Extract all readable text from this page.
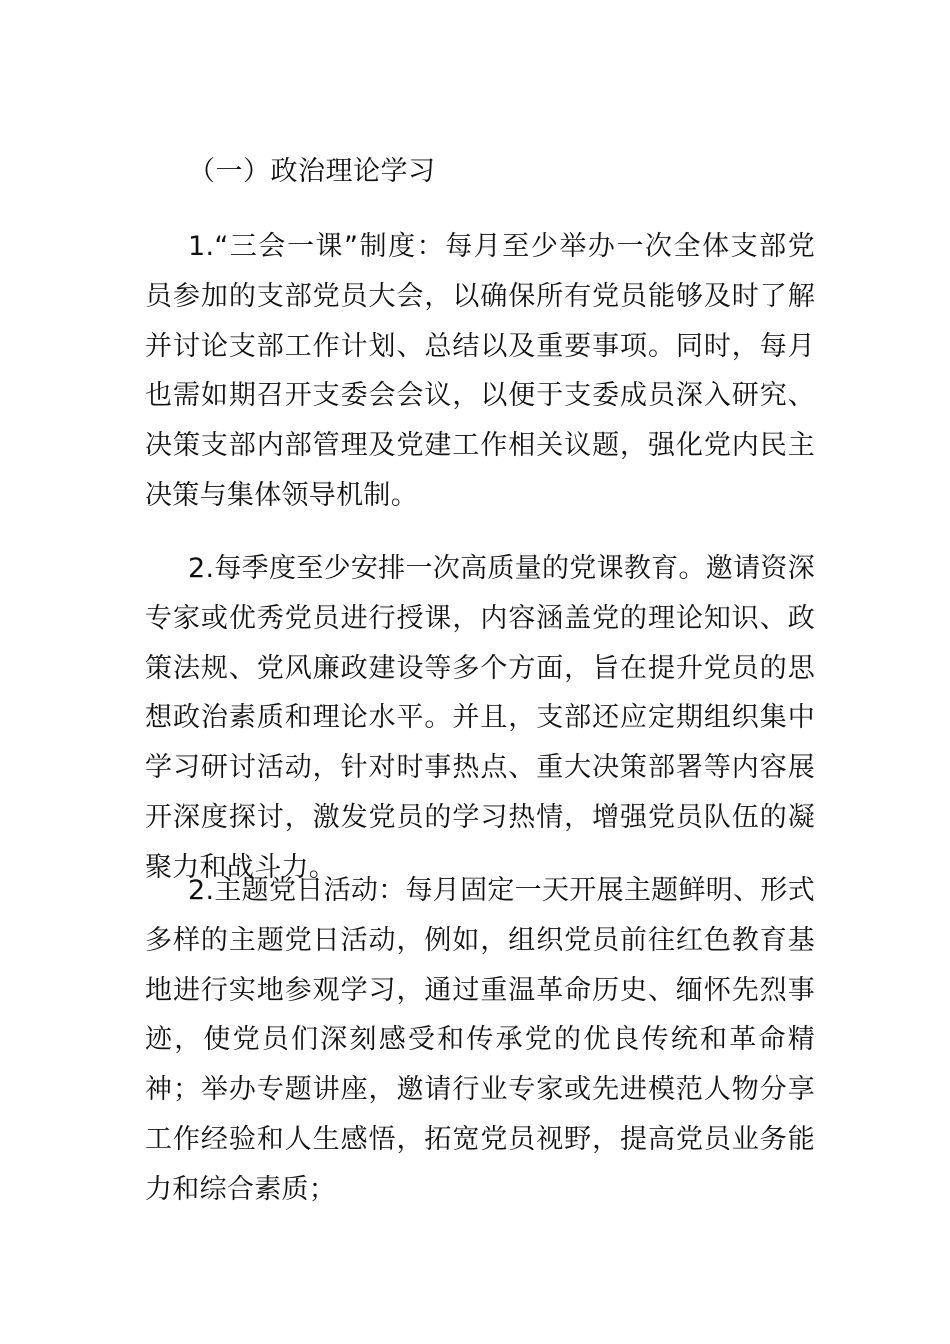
（一）政治理论学习

1.“三会一课”制度：每月至少举办一次全体支部党员参加的支部党员大会，以确保所有党员能够及时了解并讨论支部工作计划、总结以及重要事项。同时，每月也需如期召开支委会会议，以便于支委成员深入研究、决策支部内部管理及党建工作相关议题，强化党内民主决策与集体领导机制。

2.每季度至少安排一次高质量的党课教育。邀请资深专家或优秀党员进行授课，内容涵盖党的理论知识、政策法规、党风廉政建设等多个方面，旨在提升党员的思想政治素质和理论水平。并且，支部还应定期组织集中学习研讨活动，针对时事热点、重大决策部署等内容展开深度探讨，激发党员的学习热情，增强党员队伍的凝聚力和战斗力。

2.主题党日活动：每月固定一天开展主题鲜明、形式多样的主题党日活动，例如，组织党员前往红色教育基地进行实地参观学习，通过重温革命历史、缅怀先烈事迹，使党员们深刻感受和传承党的优良传统和革命精神；举办专题讲座，邀请行业专家或先进模范人物分享工作经验和人生感悟，拓宽党员视野，提高党员业务能力和综合素质；
